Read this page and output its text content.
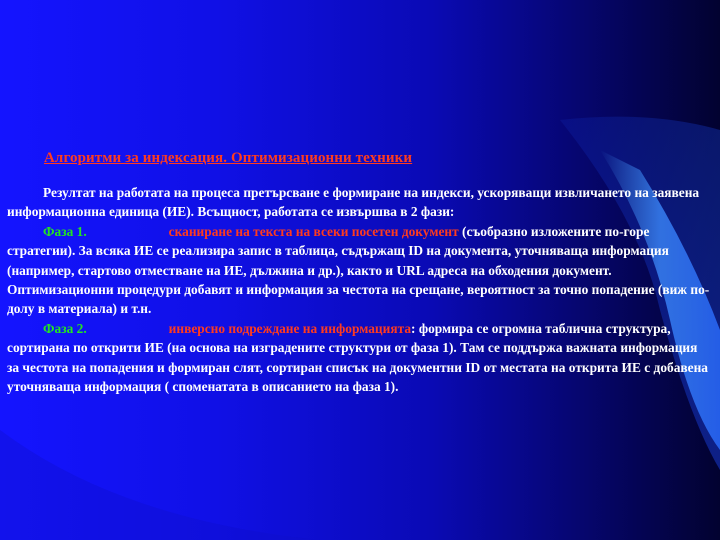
Алгоритми за индексация. Оптимизационни техники

Резултат на работата на процеса претърсване е формиране на индекси, ускоряващи извличането на заявена информационна единица (ИЕ). Всъщност, работата се извършва в 2 фази:

Фаза 1.	сканиране на текста на всеки посетен документ (съобразно изложените по-горе стратегии). За всяка ИЕ се реализира запис в таблица, съдържащ ID на документа, уточняваща информация (например, стартово отместване на ИЕ, дължина и др.), както и URL адреса на обходения документ. Оптимизационни процедури добавят и информация за честота на срещане, вероятност за точно попадение (виж по-долу в материала) и т.н.

Фаза 2.	инверсно подреждане на информацията: формира се огромна таблична структура, сортирана по открити ИЕ (на основа на изградените структури от фаза 1). Там се поддържа важната информация за честота на попадения и формиран слят, сортиран списък на документни ID от местата на открита ИЕ с добавена уточняваща информация ( споменатата в описанието на фаза 1).
